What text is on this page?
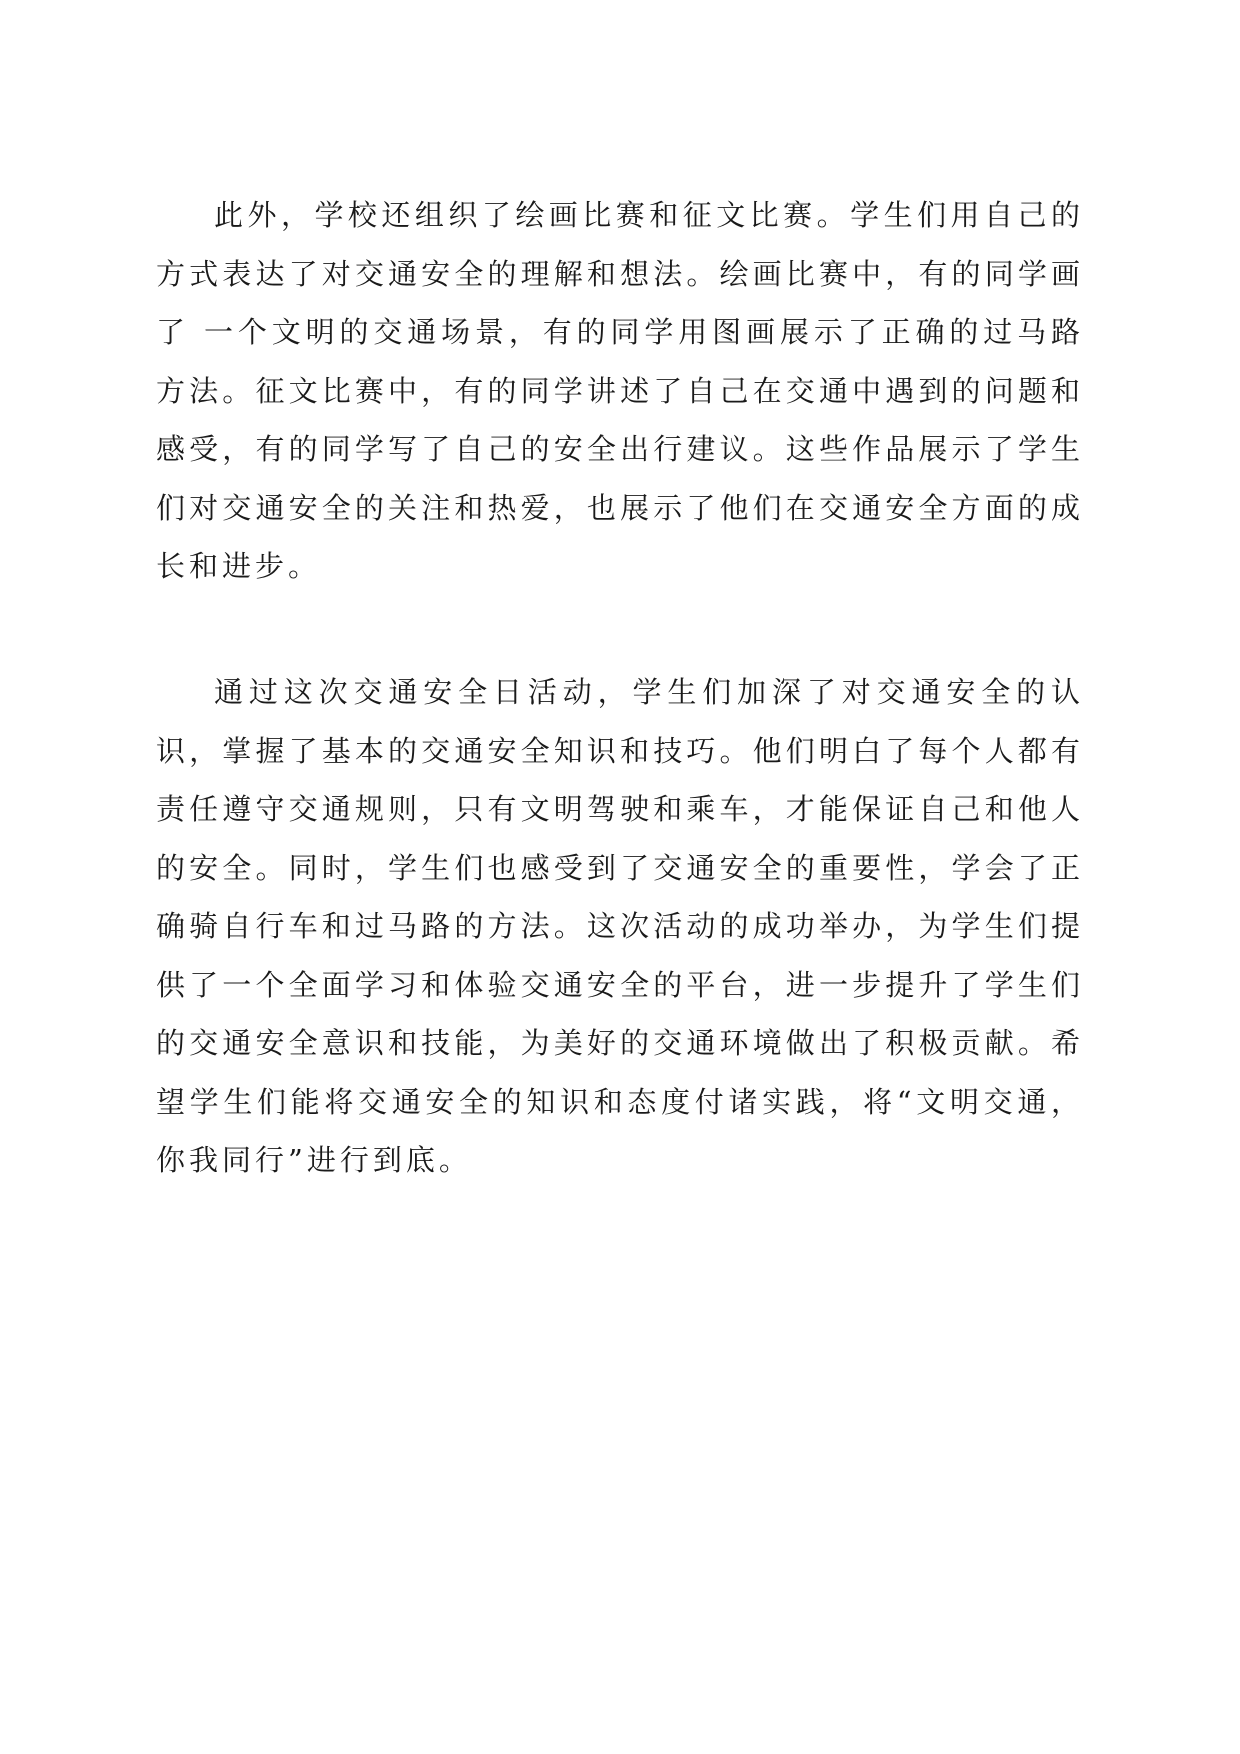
此外，学校还组织了绘画比赛和征文比赛。学生们用自己的方式表达了对交通安全的理解和想法。绘画比赛中，有的同学画了 一个文明的交通场景，有的同学用图画展示了正确的过马路方法。征文比赛中，有的同学讲述了自己在交通中遇到的问题和感受，有的同学写了自己的安全出行建议。这些作品展示了学生们对交通安全的关注和热爱，也展示了他们在交通安全方面的成长和进步。

通过这次交通安全日活动，学生们加深了对交通安全的认识，掌握了基本的交通安全知识和技巧。他们明白了每个人都有责任遵守交通规则，只有文明驾驶和乘车，才能保证自己和他人的安全。同时，学生们也感受到了交通安全的重要性，学会了正确骑自行车和过马路的方法。这次活动的成功举办，为学生们提供了一个全面学习和体验交通安全的平台，进一步提升了学生们的交通安全意识和技能，为美好的交通环境做出了积极贡献。希望学生们能将交通安全的知识和态度付诸实践，将“文明交通，你我同行”进行到底。
